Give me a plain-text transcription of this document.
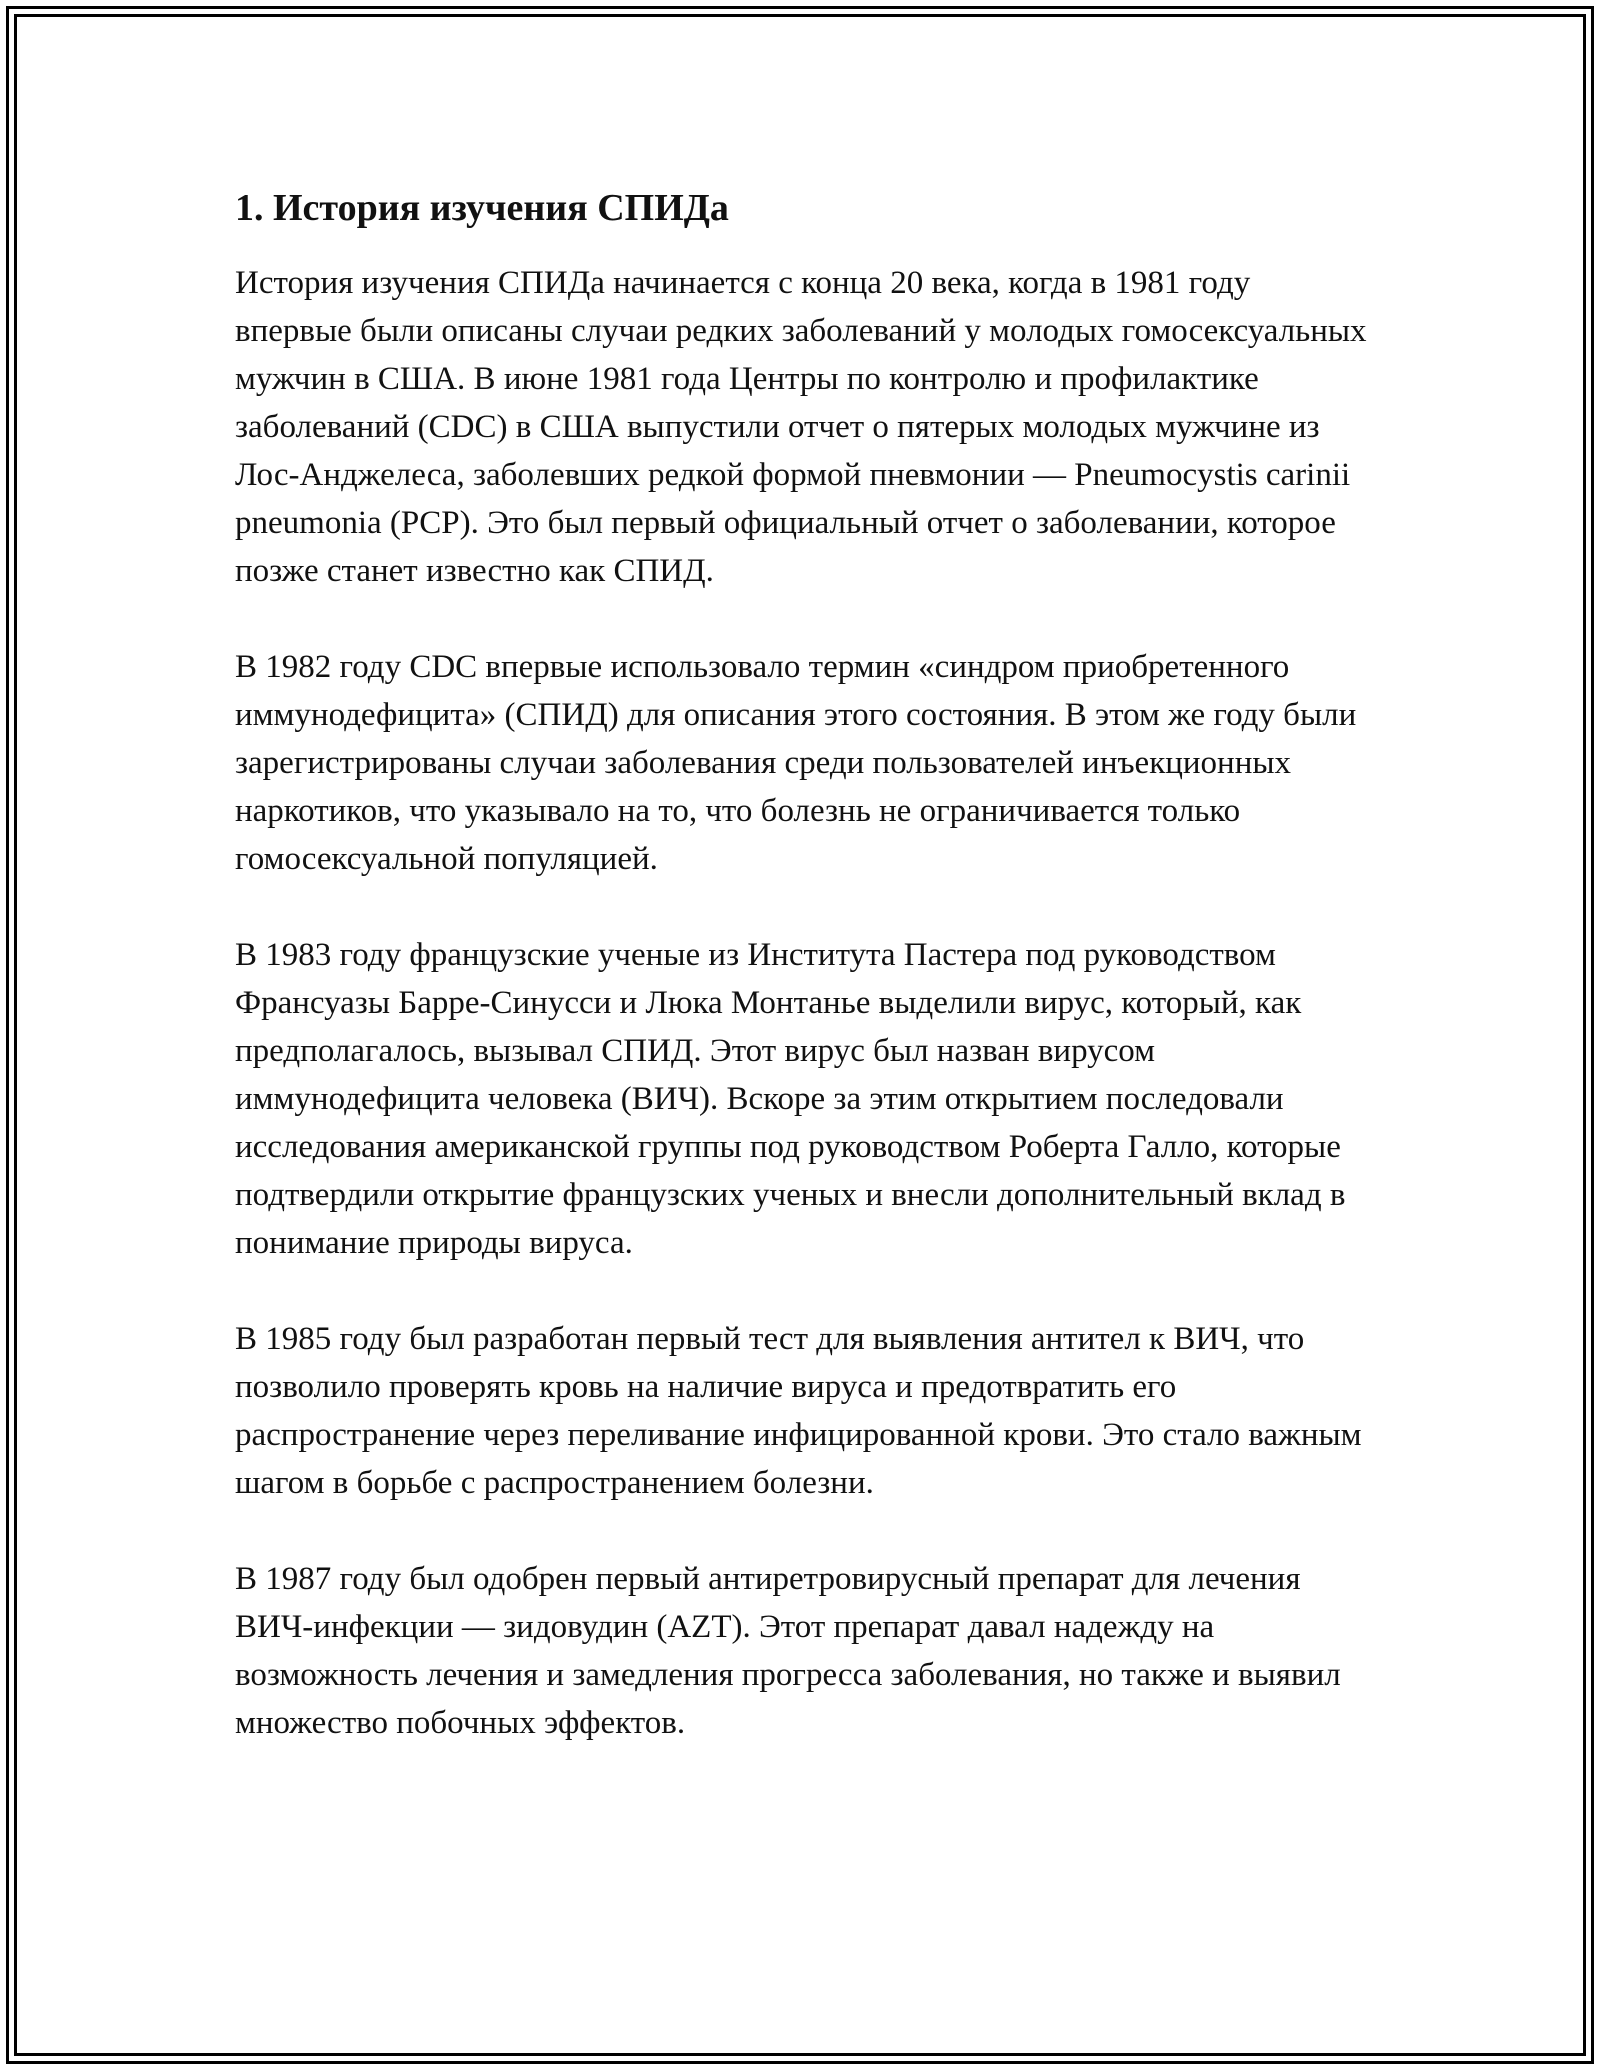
1. История изучения СПИДа

История изучения СПИДа начинается с конца 20 века, когда в 1981 году впервые были описаны случаи редких заболеваний у молодых гомосексуальных мужчин в США. В июне 1981 года Центры по контролю и профилактике заболеваний (CDC) в США выпустили отчет о пятерых молодых мужчине из Лос-Анджелеса, заболевших редкой формой пневмонии — Pneumocystis carinii pneumonia (PCP). Это был первый официальный отчет о заболевании, которое позже станет известно как СПИД.

В 1982 году CDC впервые использовало термин «синдром приобретенного иммунодефицита» (СПИД) для описания этого состояния. В этом же году были зарегистрированы случаи заболевания среди пользователей инъекционных наркотиков, что указывало на то, что болезнь не ограничивается только гомосексуальной популяцией.

В 1983 году французские ученые из Института Пастера под руководством Франсуазы Барре-Синусси и Люка Монтанье выделили вирус, который, как предполагалось, вызывал СПИД. Этот вирус был назван вирусом иммунодефицита человека (ВИЧ). Вскоре за этим открытием последовали исследования американской группы под руководством Роберта Галло, которые подтвердили открытие французских ученых и внесли дополнительный вклад в понимание природы вируса.

В 1985 году был разработан первый тест для выявления антител к ВИЧ, что позволило проверять кровь на наличие вируса и предотвратить его распространение через переливание инфицированной крови. Это стало важным шагом в борьбе с распространением болезни.

В 1987 году был одобрен первый антиретровирусный препарат для лечения ВИЧ-инфекции — зидовудин (AZT). Этот препарат давал надежду на возможность лечения и замедления прогресса заболевания, но также и выявил множество побочных эффектов.
